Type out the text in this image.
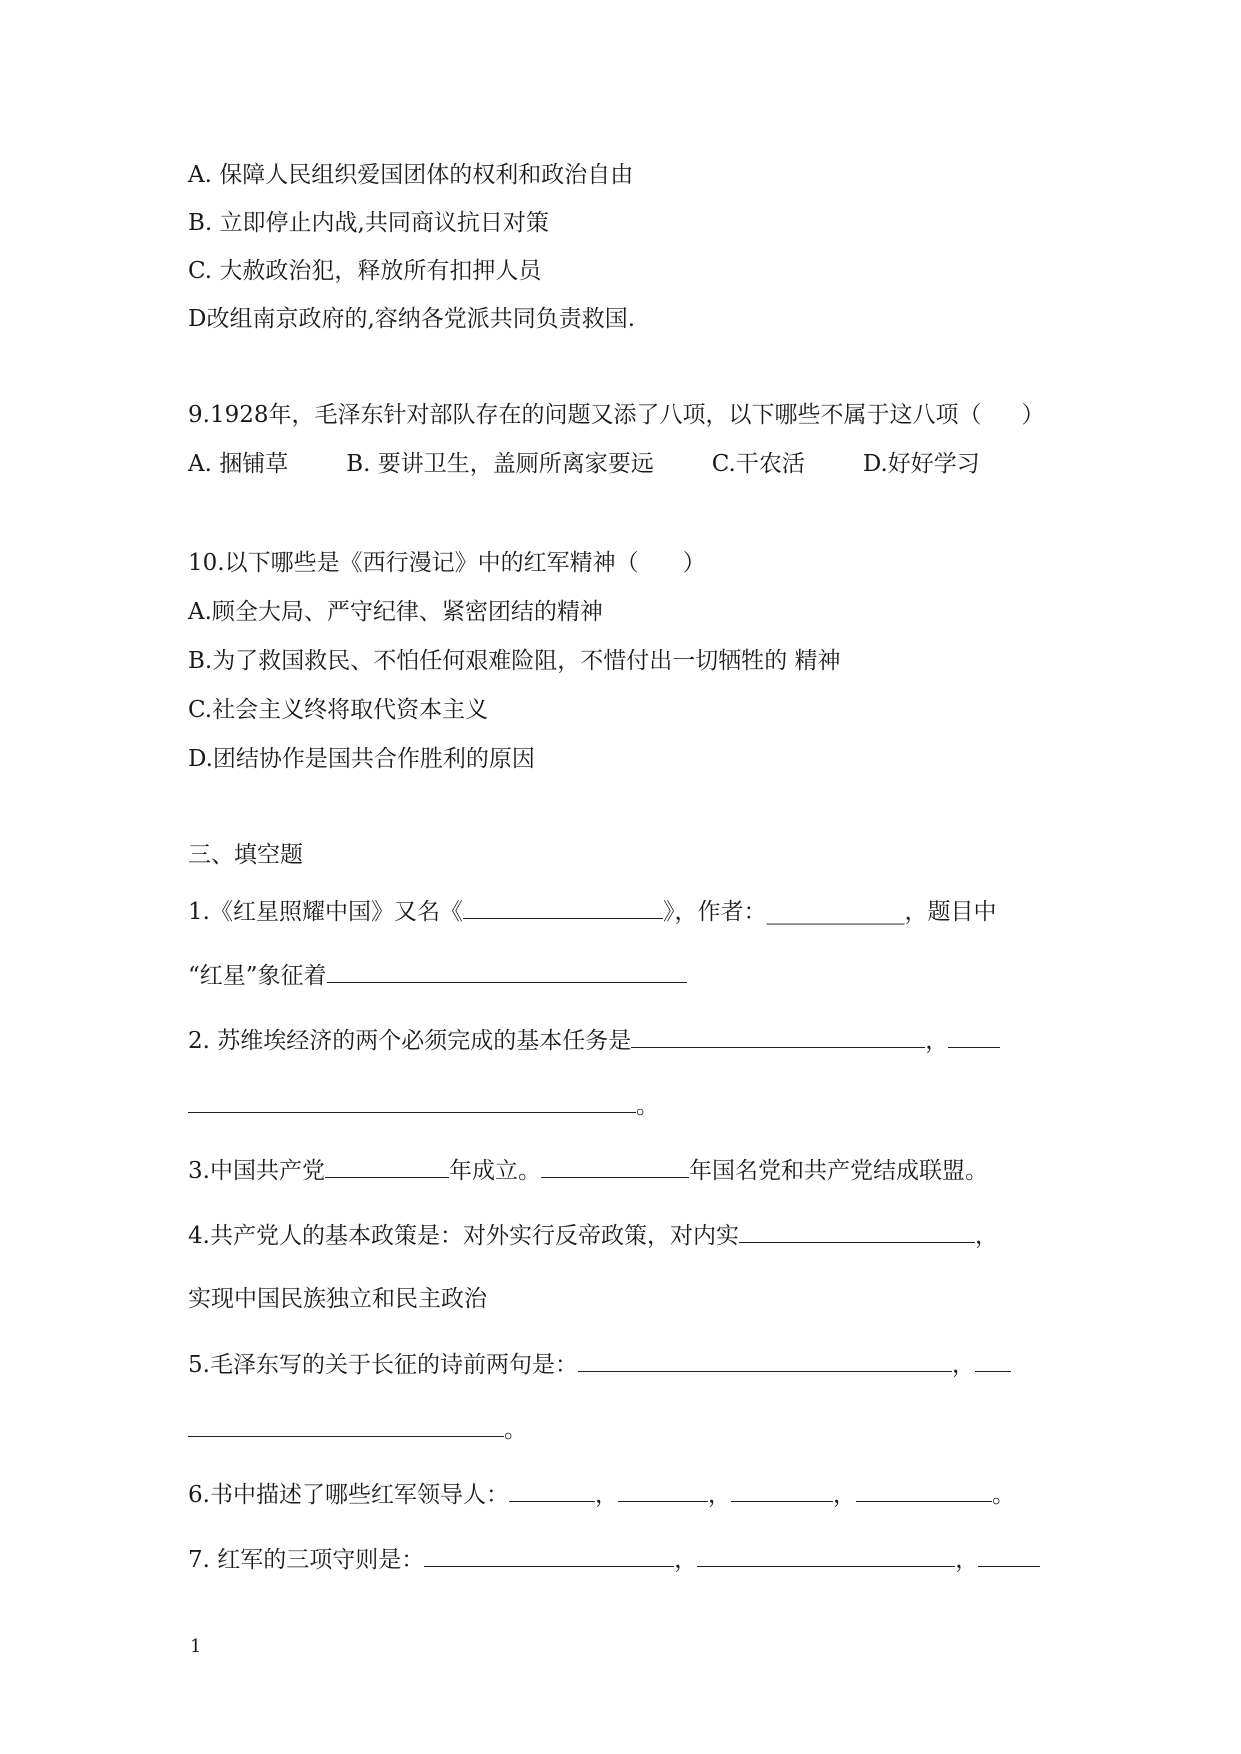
A. 保障人民组织爱国团体的权利和政治自由
B. 立即停止内战,共同商议抗日对策
C. 大赦政治犯，释放所有扣押人员
D改组南京政府的,容纳各党派共同负责救国.
9.1928年，毛泽东针对部队存在的问题又添了八项，以下哪些不属于这八项（ ）
A. 捆铺草	B. 要讲卫生，盖厕所离家要远	C.干农活	D.好好学习
10.以下哪些是《西行漫记》中的红军精神（ ）
A.顾全大局、严守纪律、紧密团结的精神
B.为了救国救民、不怕任何艰难险阻，不惜付出一切牺牲的 精神
C.社会主义终将取代资本主义
D.团结协作是国共合作胜利的原因
三、填空题
1.《红星照耀中国》又名《	》，作者：____________，题目中
“红星”象征着
2. 苏维埃经济的两个必须完成的基本任务是	，
。
3.中国共产党	年成立。	年国名党和共产党结成联盟。
4.共产党人的基本政策是：对外实行反帝政策，对内实	，
实现中国民族独立和民主政治
5.毛泽东写的关于长征的诗前两句是：	，
。
6.书中描述了哪些红军领导人：	，	，	，	。
7. 红军的三项守则是：	，	，
1
